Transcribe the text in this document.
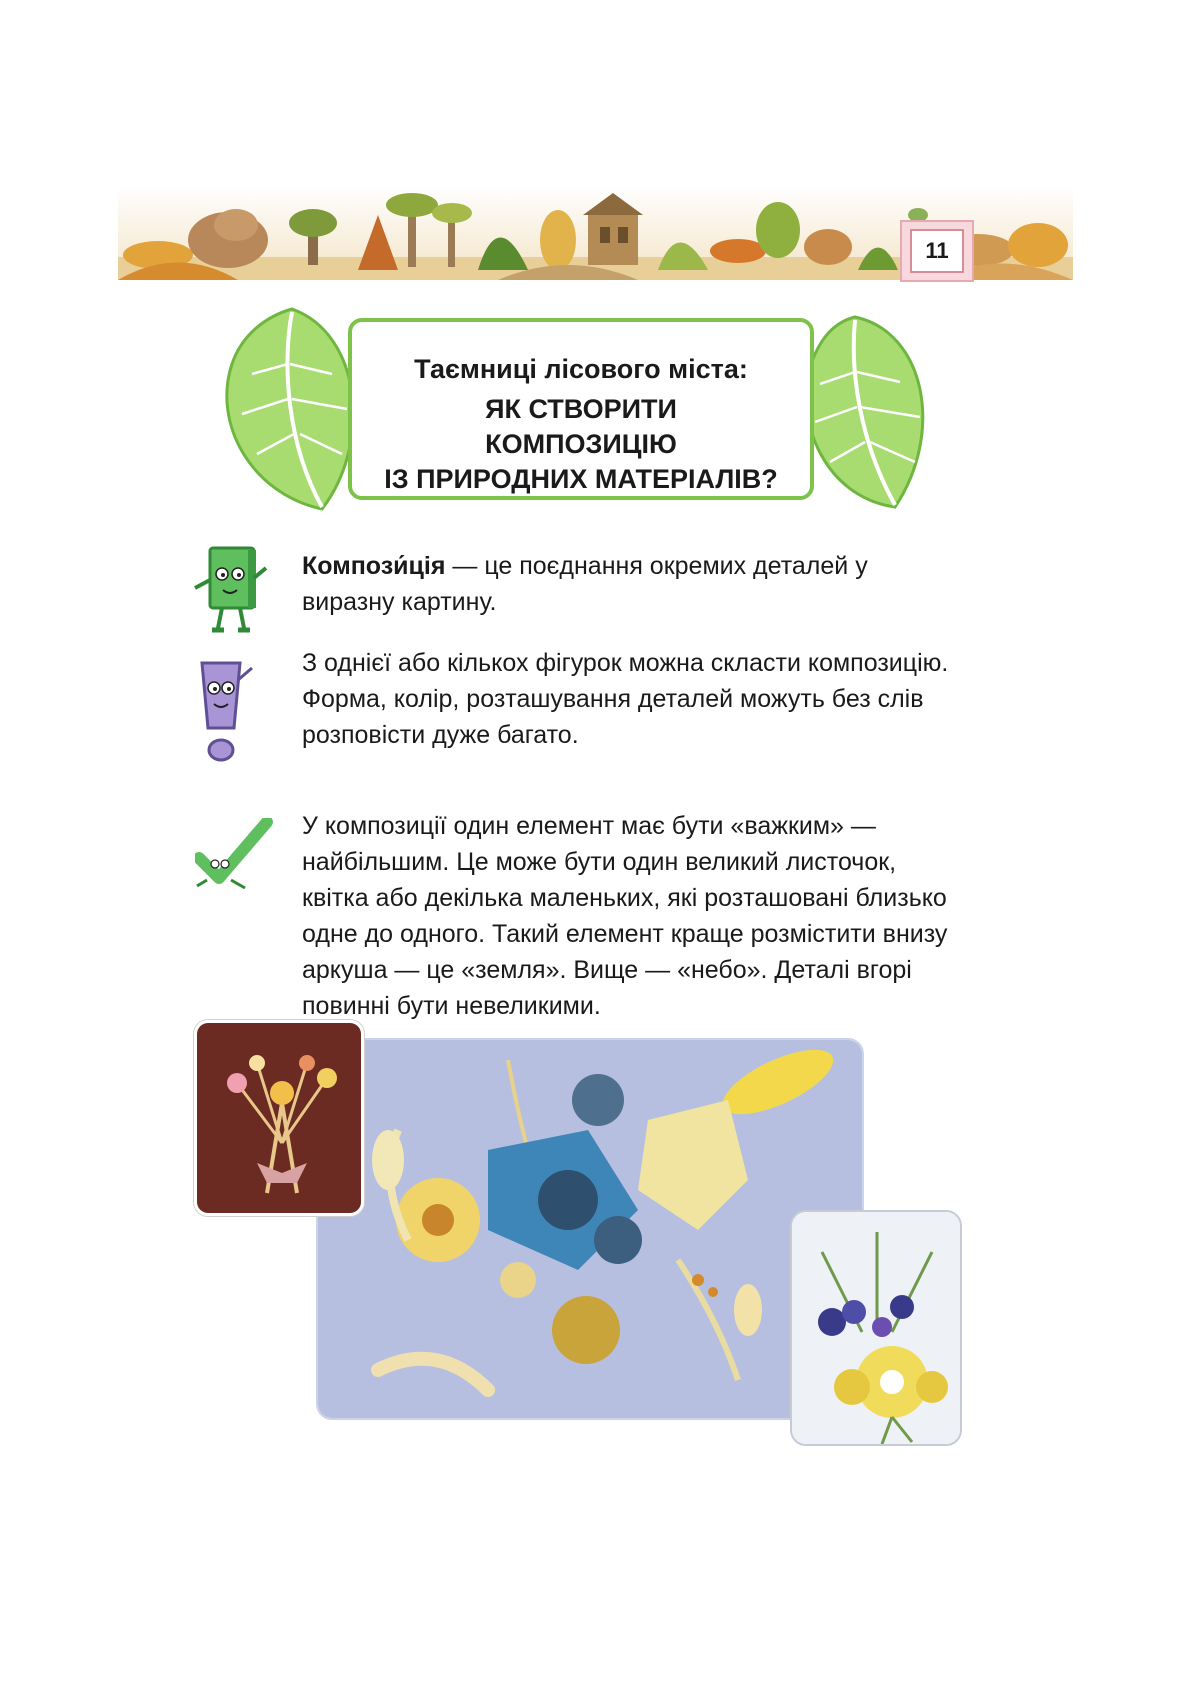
11
Таємниці лісового міста:
ЯК СТВОРИТИ
КОМПОЗИЦІЮ
ІЗ ПРИРОДНИХ МАТЕРІАЛІВ?

Компози́ція — це поєднання окремих деталей у виразну картину.

З однієї або кількох фігурок можна скласти композицію.

Форма, колір, розташування деталей можуть без слів розповісти дуже багато.

У композиції один елемент має бути «важким» — найбільшим. Це може бути один великий листочок, квітка або декілька маленьких, які розташовані близько одне до одного. Такий елемент краще розмістити внизу аркуша — це «земля». Вище — «небо». Деталі вгорі повинні бути невеликими.
